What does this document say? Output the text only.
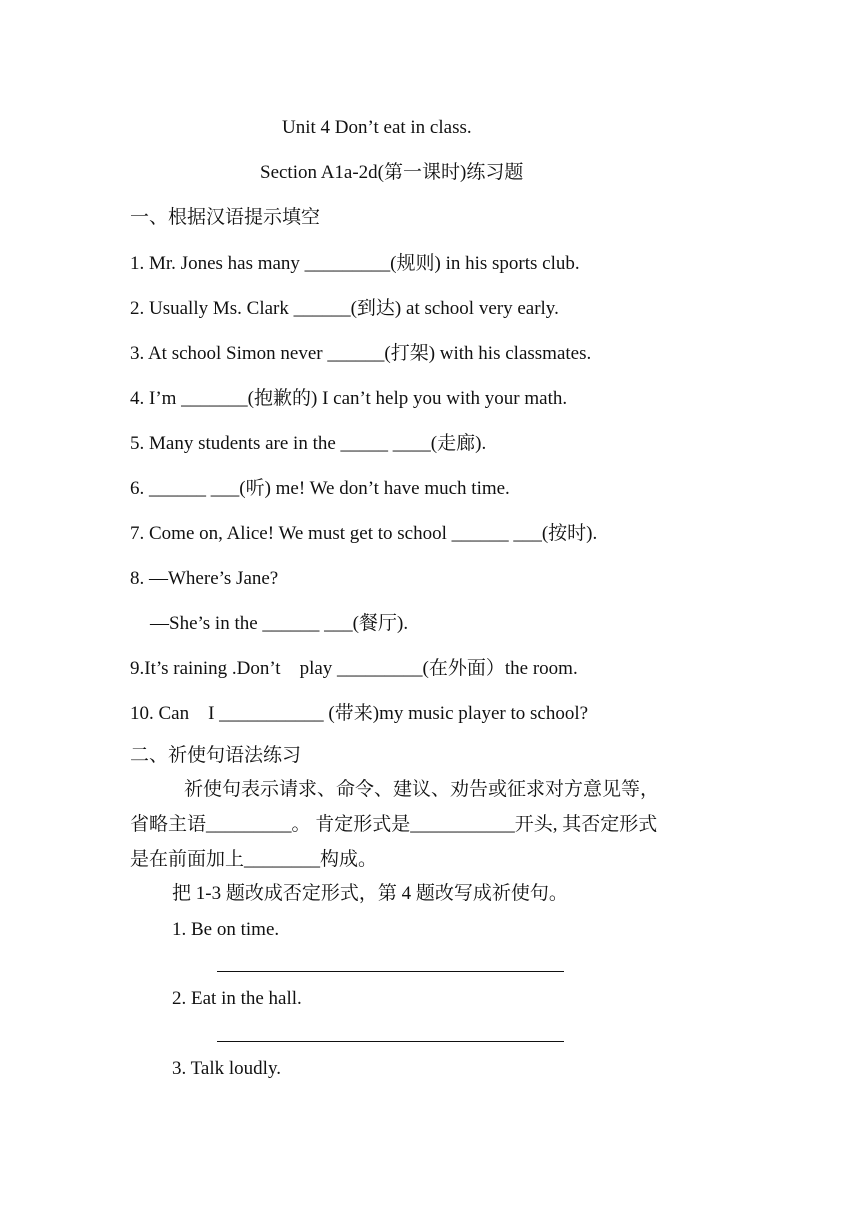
Unit 4 Don’t eat in class.
Section A1a-2d(第一课时)练习题
一、根据汉语提示填空
1. Mr. Jones has many _________(规则) in his sports club.
2. Usually Ms. Clark ______(到达) at school very early.
3. At school Simon never ______(打架) with his classmates.
4. I’m _______(抱歉的) I can’t help you with your math.
5. Many students are in the _____ ____(走廊).
6. ______ ___(听) me! We don’t have much time.
7. Come on, Alice! We must get to school ______ ___(按时).
8. —Where’s Jane?
—She’s in the ______ ___(餐厅).
9.It’s raining .Don’t    play _________(在外面）the room.
10. Can    I ___________ (带来)my music player to school?
二、祈使句语法练习
祈使句表示请求、命令、建议、劝告或征求对方意见等，
省略主语_________。 肯定形式是___________开头, 其否定形式
是在前面加上________构成。
把 1-3 题改成否定形式，第 4 题改写成祈使句。
1. Be on time.
2. Eat in the hall.
3. Talk loudly.
